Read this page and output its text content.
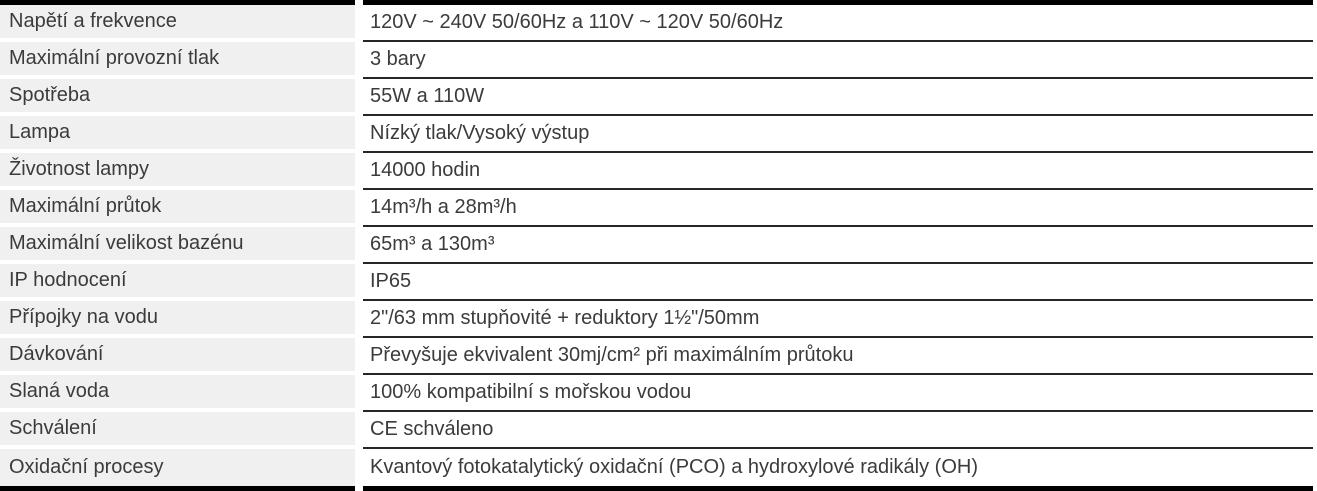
Napětí a frekvence
Maximální provozní tlak
Spotřeba
Lampa
Životnost lampy
Maximální průtok
Maximální velikost bazénu
IP hodnocení
Přípojky na vodu
Dávkování
Slaná voda
Schválení
Oxidační procesy
120V ~ 240V 50/60Hz a 110V ~ 120V 50/60Hz
3 bary
55W a 110W
Nízký tlak/Vysoký výstup
14000 hodin
14m³/h a 28m³/h
65m³ a 130m³
IP65
2"/63 mm stupňovité + reduktory 1½"/50mm
Převyšuje ekvivalent 30mj/cm² při maximálním průtoku
100% kompatibilní s mořskou vodou
CE schváleno
Kvantový fotokatalytický oxidační (PCO) a hydroxylové radikály (OH)
